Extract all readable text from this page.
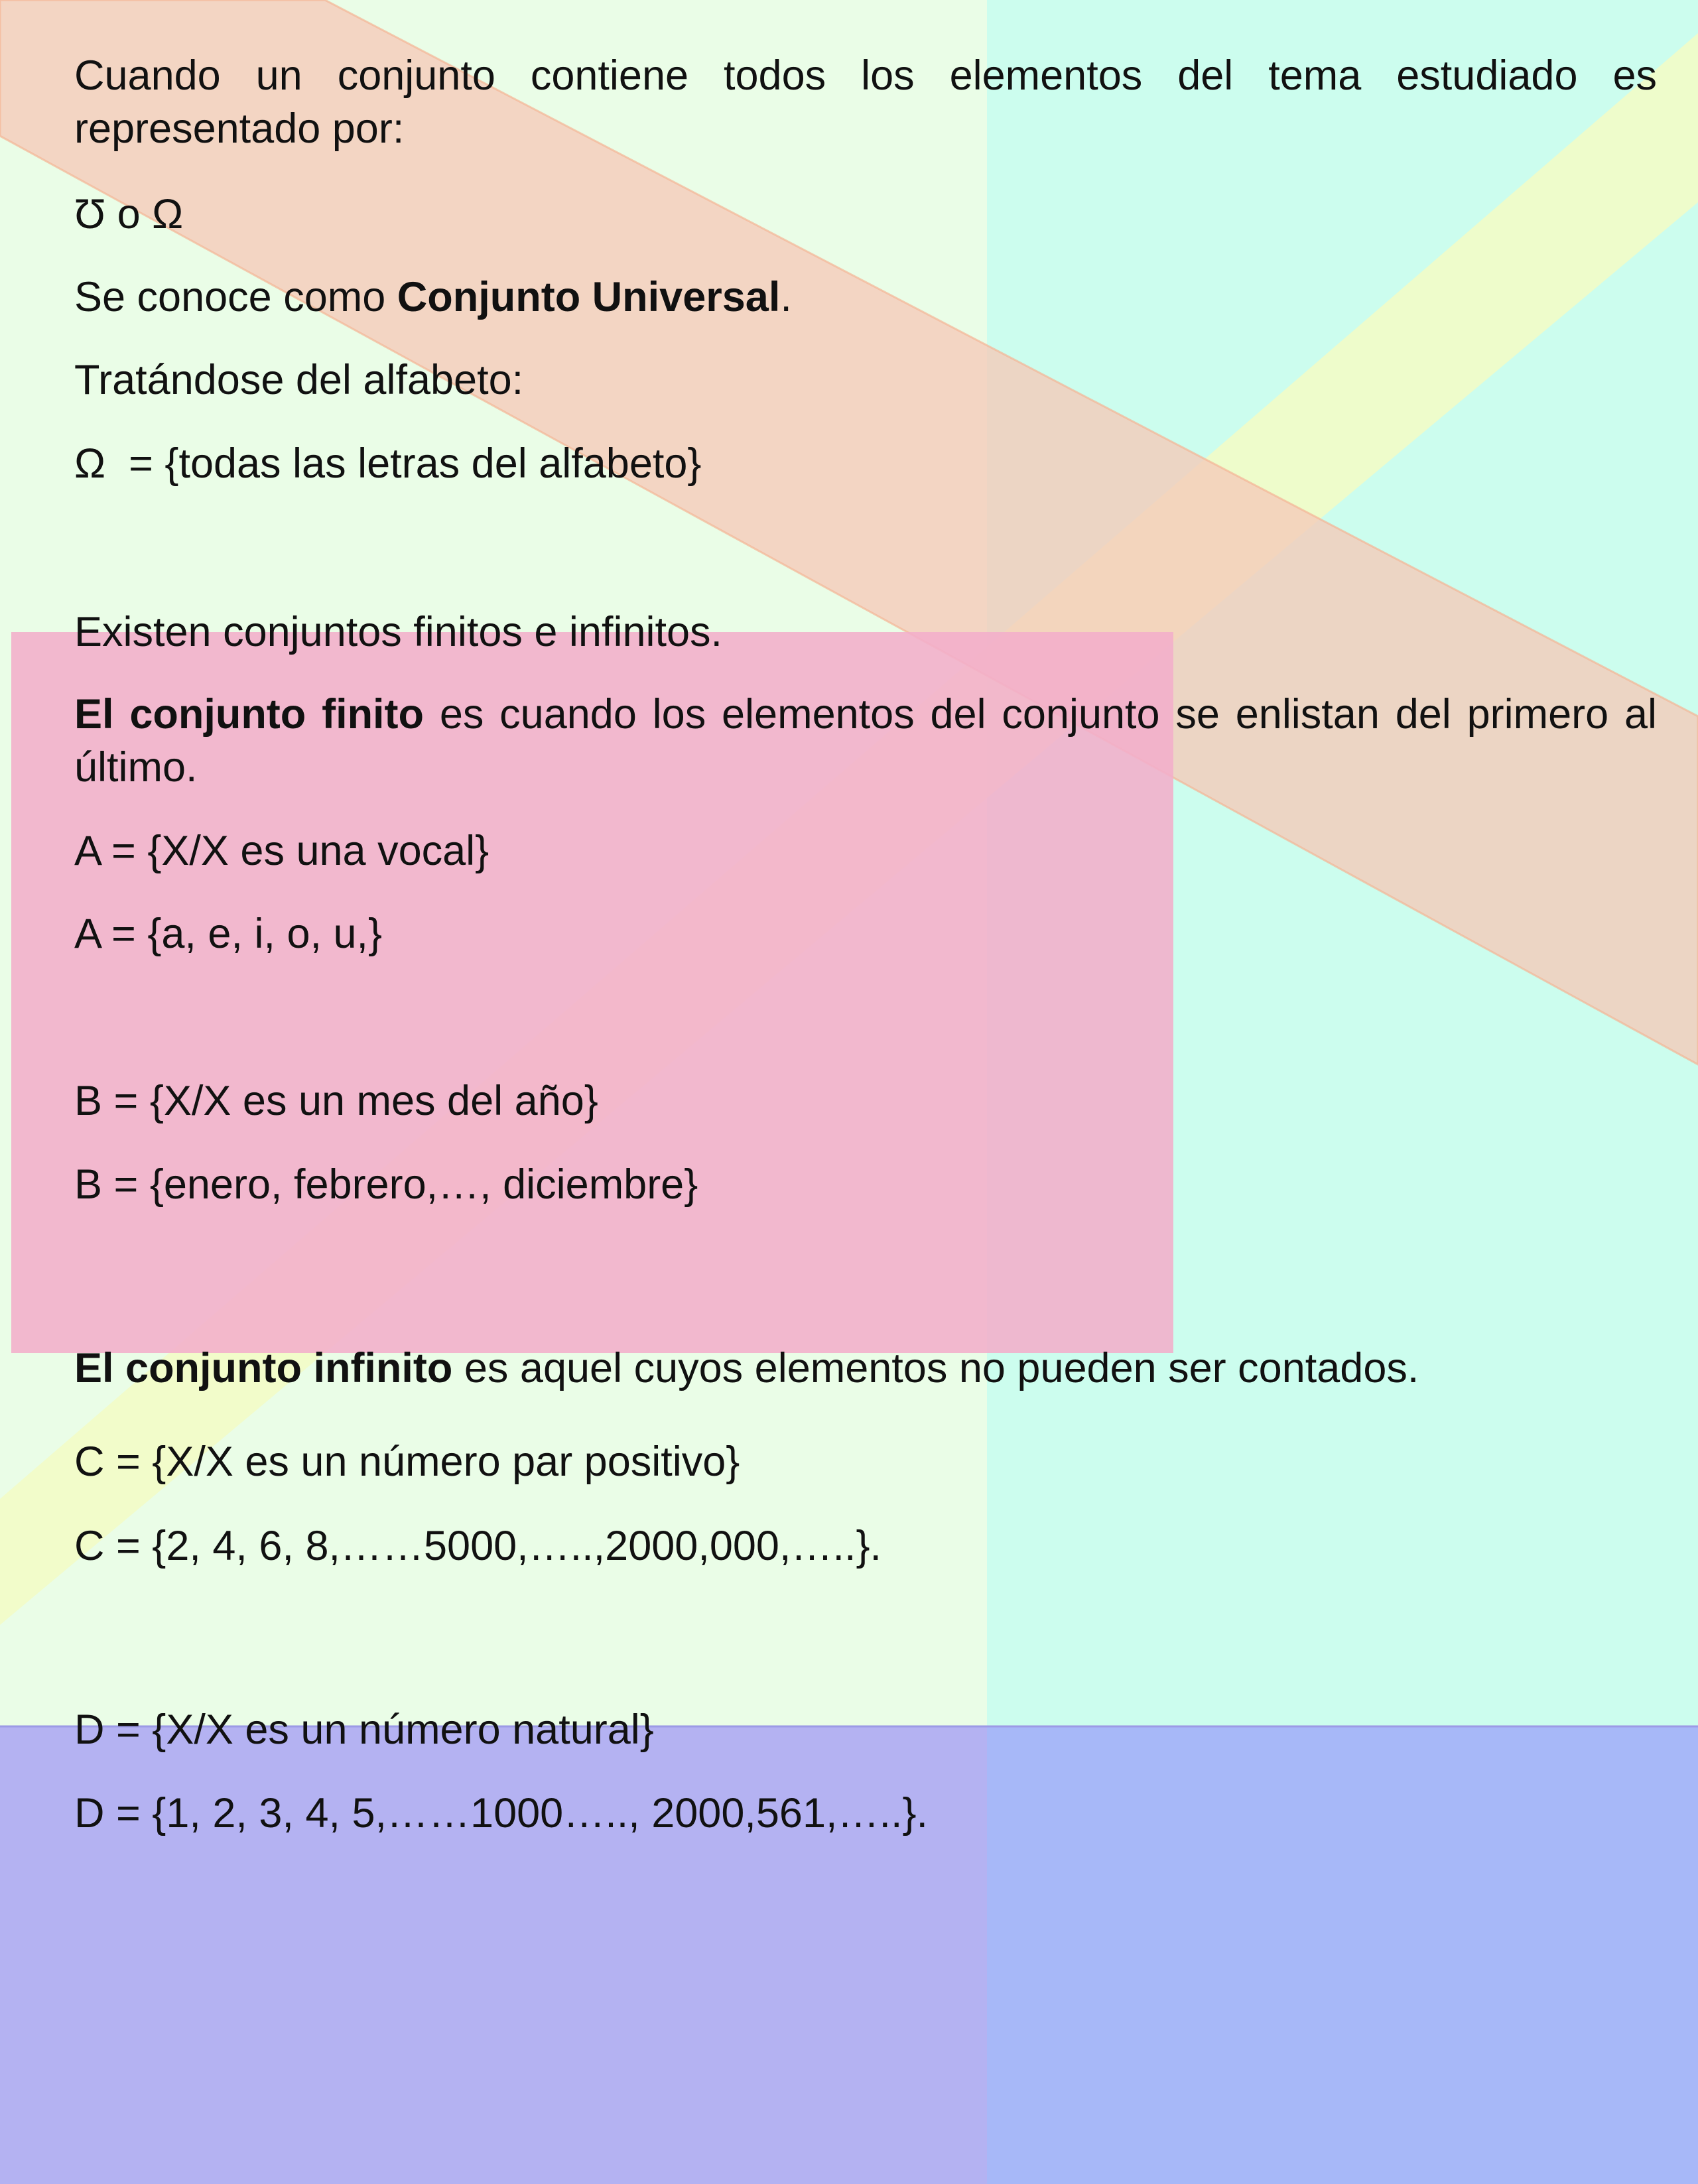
Cuando un conjunto contiene todos los elementos del tema estudiado es representado por:

Ʊ o Ω

Se conoce como Conjunto Universal.

Tratándose del alfabeto:

Ω  = {todas las letras del alfabeto}

Existen conjuntos finitos e infinitos.

El conjunto finito es cuando los elementos del conjunto se enlistan del primero al último.

A = {X/X es una vocal}

A = {a, e, i, o, u,}

B = {X/X es un mes del año}

B = {enero, febrero,…, diciembre}

El conjunto infinito es aquel cuyos elementos no pueden ser contados.

C = {X/X es un número par positivo}

C = {2, 4, 6, 8,……5000,…..,2000,000,…..}.

D = {X/X es un número natural}

D = {1, 2, 3, 4, 5,……1000….., 2000,561,…..}.
